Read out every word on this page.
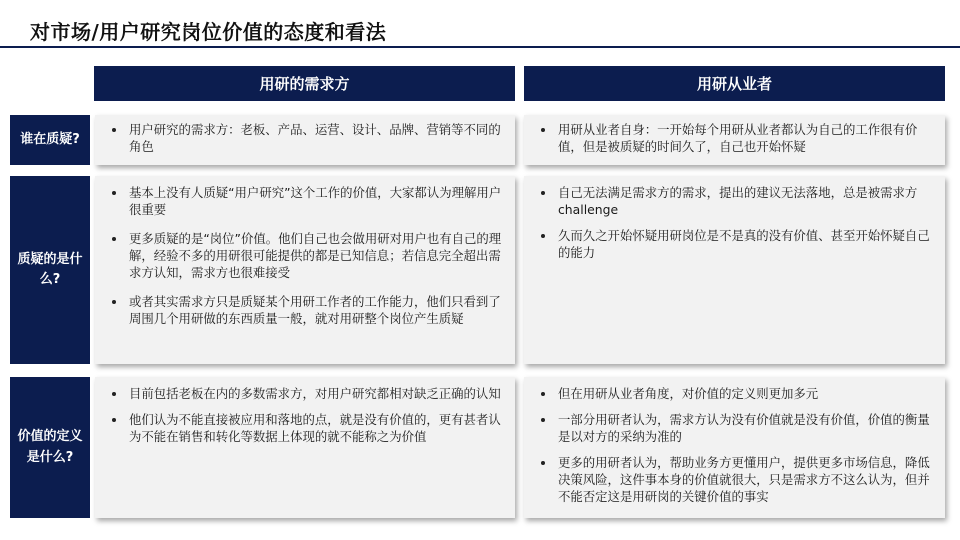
对市场/用户研究岗位价值的态度和看法
用研的需求方	用研从业者
谁在质疑?
用户研究的需求方：老板、产品、运营、设计、品牌、营销等不同的角色
用研从业者自身：一开始每个用研从业者都认为自己的工作很有价值，但是被质疑的时间久了，自己也开始怀疑
质疑的是什么?
基本上没有人质疑“用户研究”这个工作的价值，大家都认为理解用户很重要
更多质疑的是“岗位”价值。他们自己也会做用研对用户也有自己的理解，经验不多的用研很可能提供的都是已知信息；若信息完全超出需求方认知，需求方也很难接受
或者其实需求方只是质疑某个用研工作者的工作能力，他们只看到了周围几个用研做的东西质量一般，就对用研整个岗位产生质疑
自己无法满足需求方的需求，提出的建议无法落地，总是被需求方challenge
久而久之开始怀疑用研岗位是不是真的没有价值、甚至开始怀疑自己的能力
价值的定义是什么?
目前包括老板在内的多数需求方，对用户研究都相对缺乏正确的认知
他们认为不能直接被应用和落地的点，就是没有价值的，更有甚者认为不能在销售和转化等数据上体现的就不能称之为价值
但在用研从业者角度，对价值的定义则更加多元
一部分用研者认为，需求方认为没有价值就是没有价值，价值的衡量是以对方的采纳为准的
更多的用研者认为，帮助业务方更懂用户，提供更多市场信息，降低决策风险，这件事本身的价值就很大，只是需求方不这么认为，但并不能否定这是用研岗的关键价值的事实
